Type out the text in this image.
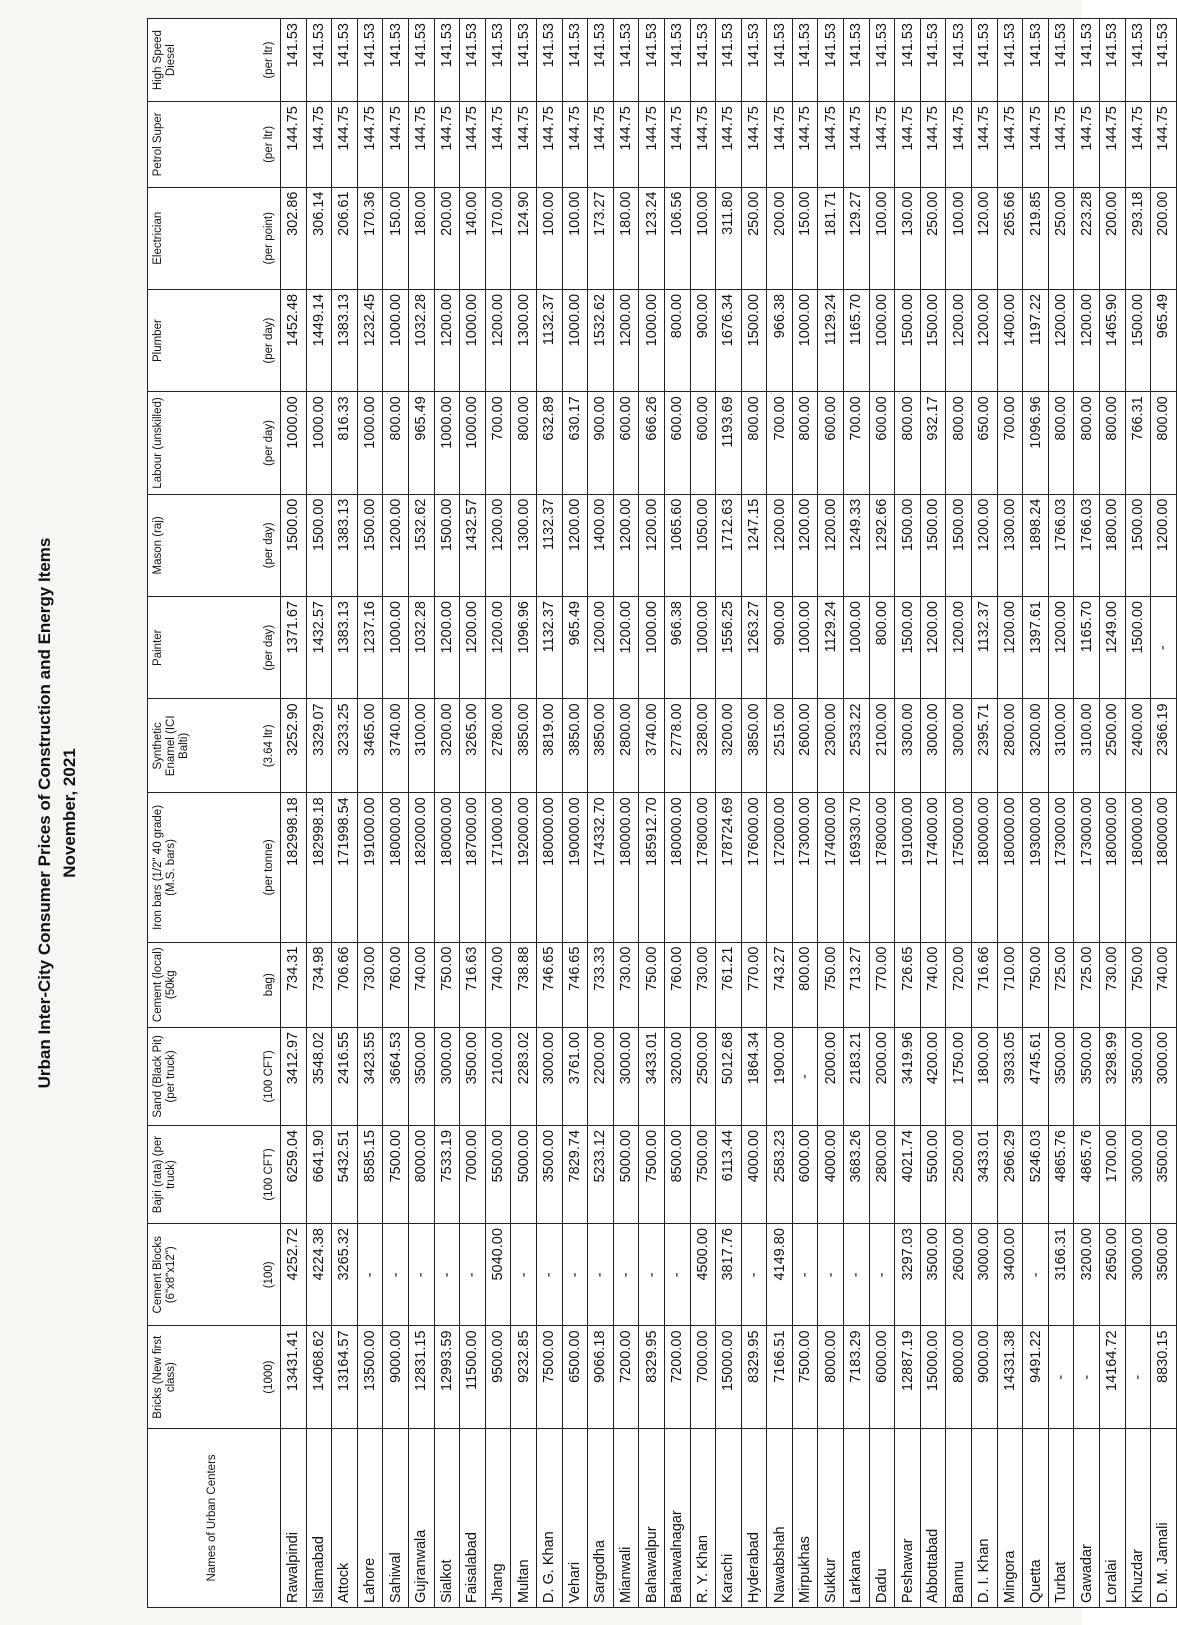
Urban Inter-City Consumer Prices of Construction and Energy Items November, 2021
Names of Urban Centers	Bricks (New first class) (1000)	Cement Blocks (6"x8"x12") (100)	Bajri (rata) (per truck) (100 CFT)	Sand (Black Pit) (per truck) (100 CFT)	Cement (local) (50kg bag)	Iron bars (1/2" 40 grade) (M.S. bars) (per tonne)	Synthetic Enamel (ICI Balti) (3.64 ltr)	Painter (per day)	Mason (raj) (per day)	Labour (unskilled) (per day)	Plumber (per day)	Electrician (per point)	Petrol Super (per ltr)	High Speed Diesel (per ltr)

Rawalpindi	13431.41	4252.72	6259.04	3412.97	734.31	182998.18	3252.90	1371.67	1500.00	1000.00	1452.48	302.86	144.75	141.53
Islamabad	14068.62	4224.38	6641.90	3548.02	734.98	182998.18	3329.07	1432.57	1500.00	1000.00	1449.14	306.14	144.75	141.53
Attock	13164.57	3265.32	5432.51	2416.55	706.66	171998.54	3233.25	1383.13	1383.13	816.33	1383.13	206.61	144.75	141.53
Lahore	13500.00	-	8585.15	3423.55	730.00	191000.00	3465.00	1237.16	1500.00	1000.00	1232.45	170.36	144.75	141.53
Sahiwal	9000.00	-	7500.00	3664.53	760.00	180000.00	3740.00	1000.00	1200.00	800.00	1000.00	150.00	144.75	141.53
Gujranwala	12831.15	-	8000.00	3500.00	740.00	182000.00	3100.00	1032.28	1532.62	965.49	1032.28	180.00	144.75	141.53
Sialkot	12993.59	-	7533.19	3000.00	750.00	180000.00	3200.00	1200.00	1500.00	1000.00	1200.00	200.00	144.75	141.53
Faisalabad	11500.00	-	7000.00	3500.00	716.63	187000.00	3265.00	1200.00	1432.57	1000.00	1000.00	140.00	144.75	141.53
Jhang	9500.00	5040.00	5500.00	2100.00	740.00	171000.00	2780.00	1200.00	1200.00	700.00	1200.00	170.00	144.75	141.53
Multan	9232.85	-	5000.00	2283.02	738.88	192000.00	3850.00	1096.96	1300.00	800.00	1300.00	124.90	144.75	141.53
D. G. Khan	7500.00	-	3500.00	3000.00	746.65	180000.00	3819.00	1132.37	1132.37	632.89	1132.37	100.00	144.75	141.53
Vehari	6500.00	-	7829.74	3761.00	746.65	190000.00	3850.00	965.49	1200.00	630.17	1000.00	100.00	144.75	141.53
Sargodha	9066.18	-	5233.12	2200.00	733.33	174332.70	3850.00	1200.00	1400.00	900.00	1532.62	173.27	144.75	141.53
Mianwali	7200.00	-	5000.00	3000.00	730.00	180000.00	2800.00	1200.00	1200.00	600.00	1200.00	180.00	144.75	141.53
Bahawalpur	8329.95	-	7500.00	3433.01	750.00	185912.70	3740.00	1000.00	1200.00	666.26	1000.00	123.24	144.75	141.53
Bahawalnagar	7200.00	-	8500.00	3200.00	760.00	180000.00	2778.00	966.38	1065.60	600.00	800.00	106.56	144.75	141.53
R. Y. Khan	7000.00	4500.00	7500.00	2500.00	730.00	178000.00	3280.00	1000.00	1050.00	600.00	900.00	100.00	144.75	141.53
Karachi	15000.00	3817.76	6113.44	5012.68	761.21	178724.69	3200.00	1556.25	1712.63	1193.69	1676.34	311.80	144.75	141.53
Hyderabad	8329.95	-	4000.00	1864.34	770.00	176000.00	3850.00	1263.27	1247.15	800.00	1500.00	250.00	144.75	141.53
Nawabshah	7166.51	4149.80	2583.23	1900.00	743.27	172000.00	2515.00	900.00	1200.00	700.00	966.38	200.00	144.75	141.53
Mirpukhas	7500.00	-	6000.00	-	800.00	173000.00	2600.00	1000.00	1200.00	800.00	1000.00	150.00	144.75	141.53
Sukkur	8000.00	-	4000.00	2000.00	750.00	174000.00	2300.00	1129.24	1200.00	600.00	1129.24	181.71	144.75	141.53
Larkana	7183.29	-	3683.26	2183.21	713.27	169330.70	2533.22	1000.00	1249.33	700.00	1165.70	129.27	144.75	141.53
Dadu	6000.00	-	2800.00	2000.00	770.00	178000.00	2100.00	800.00	1292.66	600.00	1000.00	100.00	144.75	141.53
Peshawar	12887.19	3297.03	4021.74	3419.96	726.65	191000.00	3300.00	1500.00	1500.00	800.00	1500.00	130.00	144.75	141.53
Abbottabad	15000.00	3500.00	5500.00	4200.00	740.00	174000.00	3000.00	1200.00	1500.00	932.17	1500.00	250.00	144.75	141.53
Bannu	8000.00	2600.00	2500.00	1750.00	720.00	175000.00	3000.00	1200.00	1500.00	800.00	1200.00	100.00	144.75	141.53
D. I. Khan	9000.00	3000.00	3433.01	1800.00	716.66	180000.00	2395.71	1132.37	1200.00	650.00	1200.00	120.00	144.75	141.53
Mingora	14331.38	3400.00	2966.29	3933.05	710.00	180000.00	2800.00	1200.00	1300.00	700.00	1400.00	265.66	144.75	141.53
Quetta	9491.22	-	5246.03	4745.61	750.00	193000.00	3200.00	1397.61	1898.24	1096.96	1197.22	219.85	144.75	141.53
Turbat	-	3166.31	4865.76	3500.00	725.00	173000.00	3100.00	1200.00	1766.03	800.00	1200.00	250.00	144.75	141.53
Gawadar	-	3200.00	4865.76	3500.00	725.00	173000.00	3100.00	1165.70	1766.03	800.00	1200.00	223.28	144.75	141.53
Loralai	14164.72	2650.00	1700.00	3298.99	730.00	180000.00	2500.00	1249.00	1800.00	800.00	1465.90	200.00	144.75	141.53
Khuzdar	-	3000.00	3000.00	3500.00	750.00	180000.00	2400.00	1500.00	1500.00	766.31	1500.00	293.18	144.75	141.53
D. M. Jamali	8830.15	3500.00	3500.00	3000.00	740.00	180000.00	2366.19	-	1200.00	800.00	965.49	200.00	144.75	141.53
